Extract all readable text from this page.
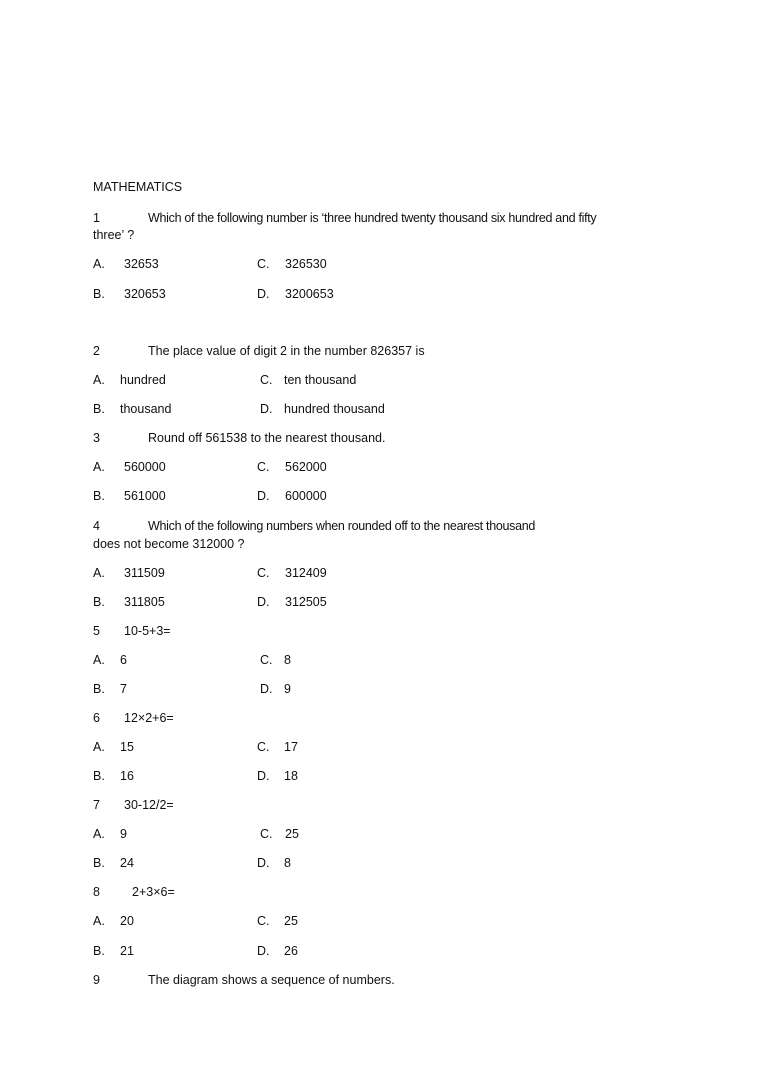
MATHEMATICS
1	Which of the following number is ‘three hundred twenty thousand six hundred and fifty
three’ ?
A. 32653	C. 326530
B. 320653	D. 3200653
2	The place value of digit 2 in the number 826357 is
A. hundred	C. ten thousand
B. thousand	D. hundred thousand
3	Round off 561538 to the nearest thousand.
A. 560000	C. 562000
B. 561000	D. 600000
4	Which of the following numbers when rounded off to the nearest thousand
does not become 312000 ?
A. 311509	C. 312409
B. 311805	D. 312505
5 10-5+3=
A. 6	C. 8
B. 7	D. 9
6 12×2+6=
A. 15	C. 17
B. 16	D. 18
7 30-12/2=
A. 9	C. 25
B. 24	D. 8
8	2+3×6=
A. 20	C. 25
B. 21	D. 26
9	The diagram shows a sequence of numbers.
